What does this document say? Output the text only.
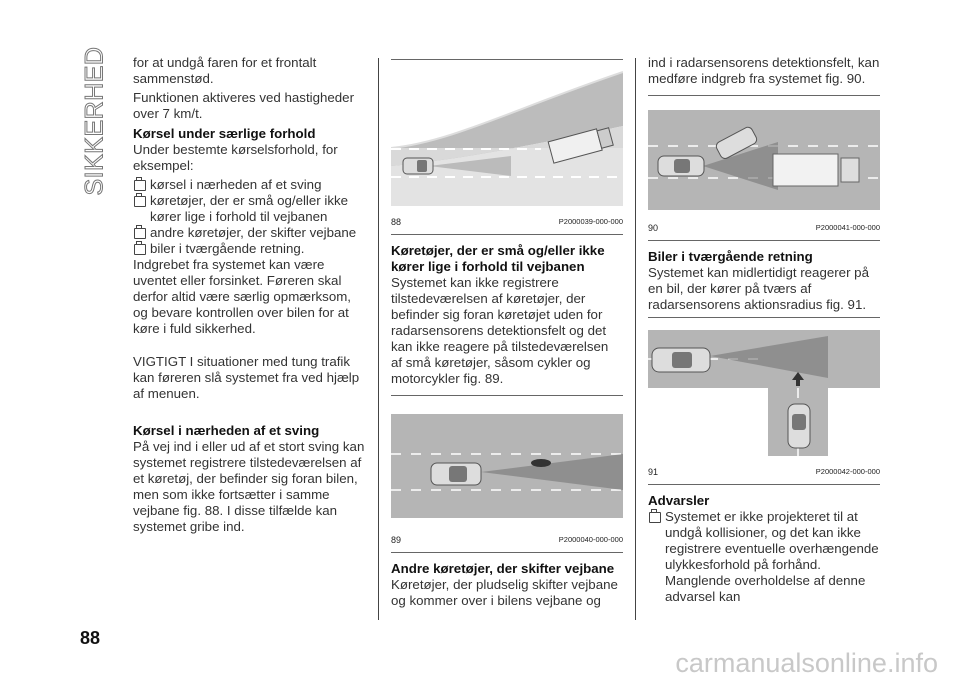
SIKKERHED
88
carmanualsonline.info

for at undgå faren for et frontalt sammenstød.

Funktionen aktiveres ved hastigheder over 7 km/t.

Kørsel under særlige forhold

Under bestemte kørselsforhold, for eksempel:

kørsel i nærheden af et sving
køretøjer, der er små og/eller ikke kører lige i forhold til vejbanen
andre køretøjer, der skifter vejbane
biler i tværgående retning.

Indgrebet fra systemet kan være uventet eller forsinket. Føreren skal derfor altid være særlig opmærksom, og bevare kontrollen over bilen for at køre i fuld sikkerhed.

VIGTIGT I situationer med tung trafik kan føreren slå systemet fra ved hjælp af menuen.

Kørsel i nærheden af et sving

På vej ind i eller ud af et stort sving kan systemet registrere tilstedeværelsen af et køretøj, der befinder sig foran bilen, men som ikke fortsætter i samme vejbane fig. 88. I disse tilfælde kan systemet gribe ind.

88	P2000039-000-000
Køretøjer, der er små og/eller ikke kører lige i forhold til vejbanen

Systemet kan ikke registrere tilstedeværelsen af køretøjer, der befinder sig foran køretøjet uden for radarsensorens detektionsfelt og det kan ikke reagere på tilstedeværelsen af små køretøjer, såsom cykler og motorcykler fig. 89.

89	P2000040-000-000
Andre køretøjer, der skifter vejbane

Køretøjer, der pludselig skifter vejbane og kommer over i bilens vejbane og

ind i radarsensorens detektionsfelt, kan medføre indgreb fra systemet fig. 90.

90	P2000041-000-000
Biler i tværgående retning

Systemet kan midlertidigt reagerer på en bil, der kører på tværs af radarsensorens aktionsradius fig. 91.

91	P2000042-000-000
Advarsler
Systemet er ikke projekteret til at undgå kollisioner, og det kan ikke registrere eventuelle overhængende ulykkesforhold på forhånd. Manglende overholdelse af denne advarsel kan
